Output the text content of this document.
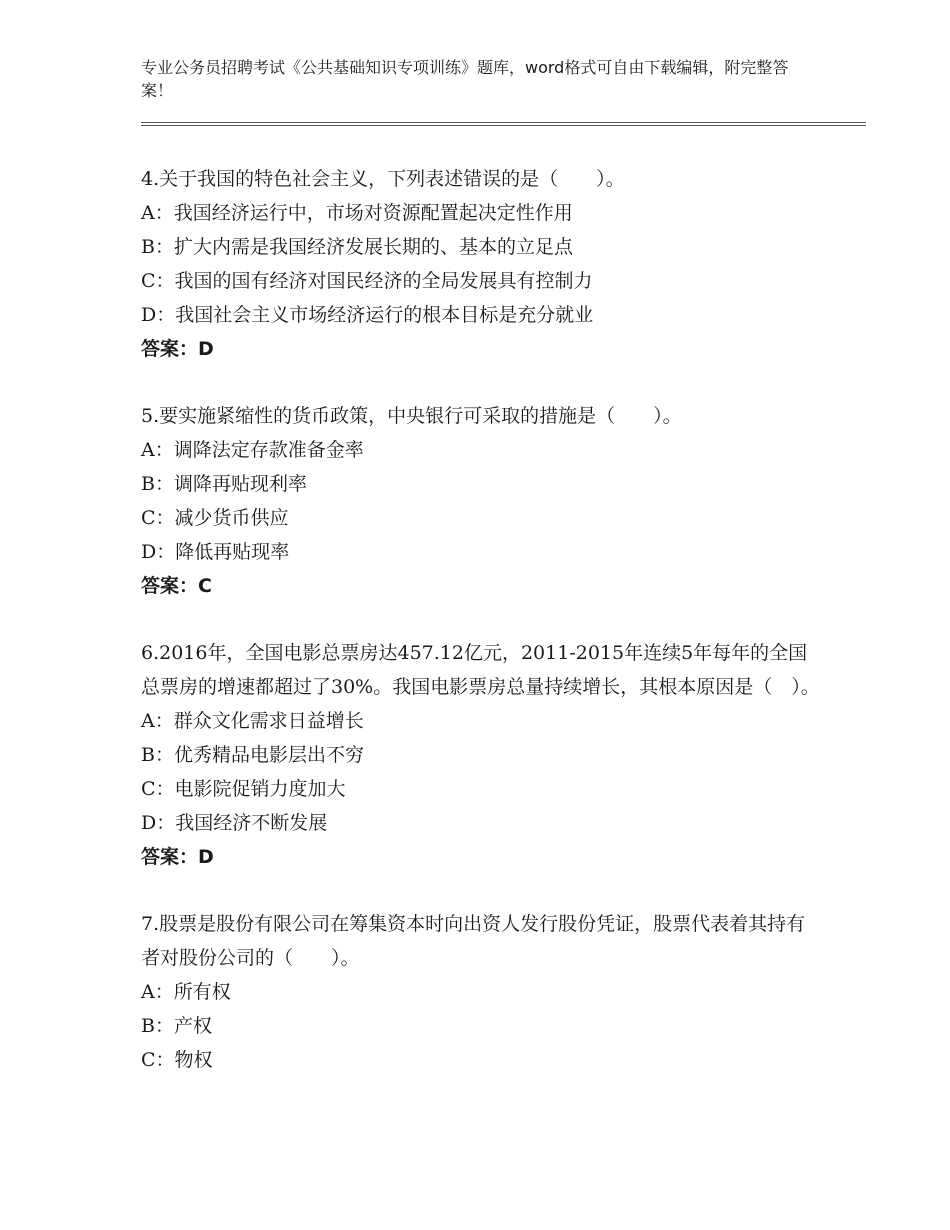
专业公务员招聘考试《公共基础知识专项训练》题库，word格式可自由下载编辑，附完整答案！

4.关于我国的特色社会主义，下列表述错误的是（　　）。

A：我国经济运行中，市场对资源配置起决定性作用

B：扩大内需是我国经济发展长期的、基本的立足点

C：我国的国有经济对国民经济的全局发展具有控制力

D：我国社会主义市场经济运行的根本目标是充分就业

答案：D

5.要实施紧缩性的货币政策，中央银行可采取的措施是（　　）。

A：调降法定存款准备金率

B：调降再贴现利率

C：减少货币供应

D：降低再贴现率

答案：C

6.2016年，全国电影总票房达457.12亿元，2011-2015年连续5年每年的全国总票房的增速都超过了30%。我国电影票房总量持续增长，其根本原因是（　）。

A：群众文化需求日益增长

B：优秀精品电影层出不穷

C：电影院促销力度加大

D：我国经济不断发展

答案：D

7.股票是股份有限公司在筹集资本时向出资人发行股份凭证，股票代表着其持有者对股份公司的（　　）。

A：所有权

B：产权

C：物权
